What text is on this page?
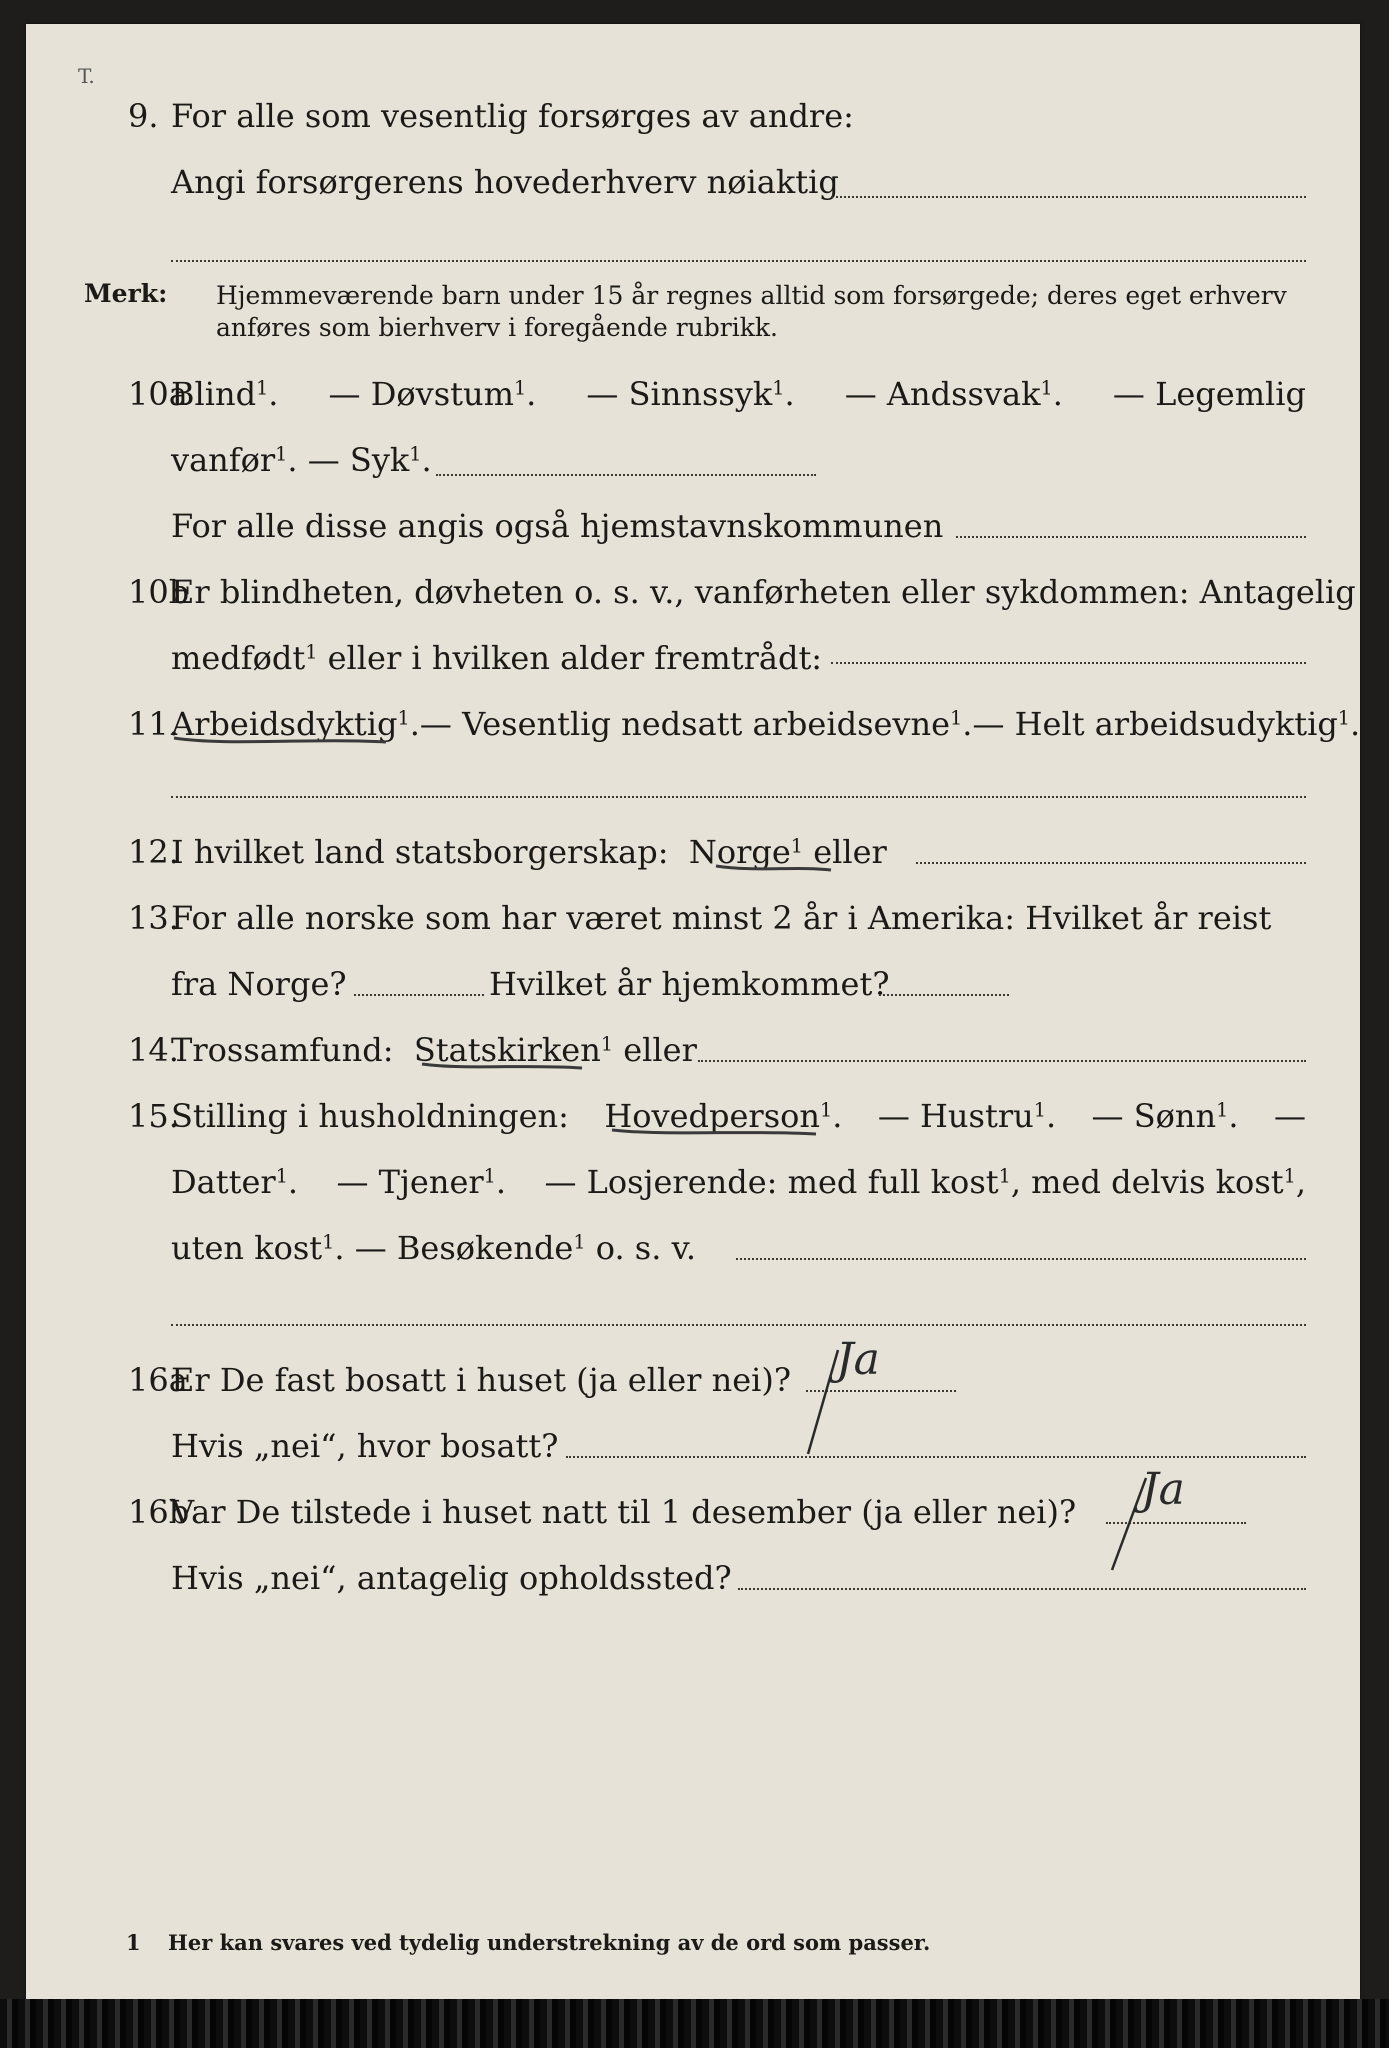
T.
9. For alle som vesentlig forsørges av andre:
Angi forsørgerens hovederhverv nøiaktig
Merk: Hjemmeværende barn under 15 år regnes alltid som forsørgede; deres eget erhverv
anføres som bierhverv i foregående rubrikk.
10a
Blind$^1$. — Døvstum$^1$. — Sinnssyk$^1$. — Andssvak$^1$. — Legemlig
vanfør$^1$. — Syk$^1$.
For alle disse angis også hjemstavnskommunen
10b
Er blindheten, døvheten o. s. v., vanførheten eller sykdommen: Antagelig
medfødt$^1$ eller i hvilken alder fremtrådt:
11.
Arbeidsdyktig$^1$. — Vesentlig nedsatt arbeidsevne$^1$. — Helt arbeidsudyktig$^1$.
12.
I hvilket land statsborgerskap: Norge$^1$ eller
13.
For alle norske som har været minst 2 år i Amerika: Hvilket år reist
fra Norge?	Hvilket år hjemkommet?
14.
Trossamfund: Statskirken$^1$ eller
15.
Stilling i husholdningen: Hovedperson$^1$. — Hustru$^1$. — Sønn$^1$. —
Datter$^1$. — Tjener$^1$. — Losjerende: med full kost$^1$, med delvis kost$^1$,
uten kost$^1$. — Besøkende$^1$ o. s. v.
16a
Er De fast bosatt i huset (ja eller nei)? Ja
Hvis „nei“, hvor bosatt?
16b
Var De tilstede i huset natt til 1 desember (ja eller nei)? Ja
Hvis „nei“, antagelig opholdssted?
1 Her kan svares ved tydelig understrekning av de ord som passer.
